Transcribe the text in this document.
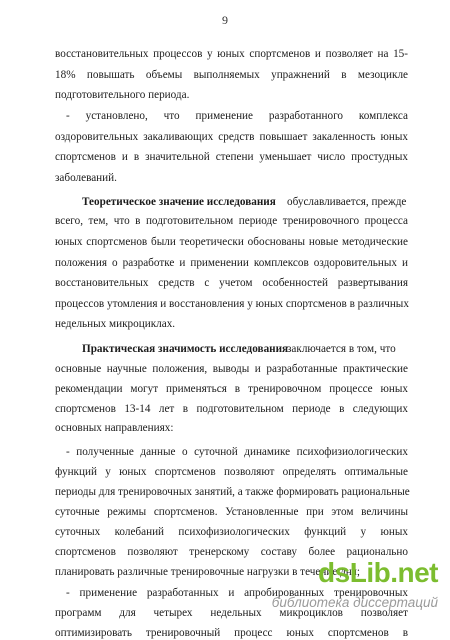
9
восстановительных процессов у юных спортсменов и позволяет на 15-
18% повышать объемы выполняемых упражнений в мезоцикле
подготовительного периода.
- установлено, что применение разработанного комплекса
оздоровительных закаливающих средств повышает закаленность юных
спортсменов и в значительной степени уменьшает число простудных
заболеваний.
Теоретическое значение исследования обуславливается, прежде
всего, тем, что в подготовительном периоде тренировочного процесса
юных спортсменов были теоретически обоснованы новые методические
положения о разработке и применении комплексов оздоровительных и
восстановительных средств с учетом особенностей развертывания
процессов утомления и восстановления у юных спортсменов в различных
недельных микроциклах.
Практическая значимость исследования
заключается в том, что
основные научные положения, выводы и разработанные практические
рекомендации могут применяться в тренировочном процессе юных
спортсменов 13-14 лет в подготовительном периоде в следующих
основных направлениях:
- полученные данные о суточной динамике психофизиологических
функций у юных спортсменов позволяют определять оптимальные
периоды для тренировочных занятий, а также формировать рациональные
суточные режимы спортсменов. Установленные при этом величины
суточных колебаний психофизиологических функций у юных
спортсменов позволяют тренерскому составу более рационально
планировать различные тренировочные нагрузки в течение дня;
- применение разработанных и апробированных тренировочных
программ для четырех недельных микроциклов позволяет
оптимизировать тренировочный процесс юных спортсменов в
dsLib.net
библиотека диссертаций
